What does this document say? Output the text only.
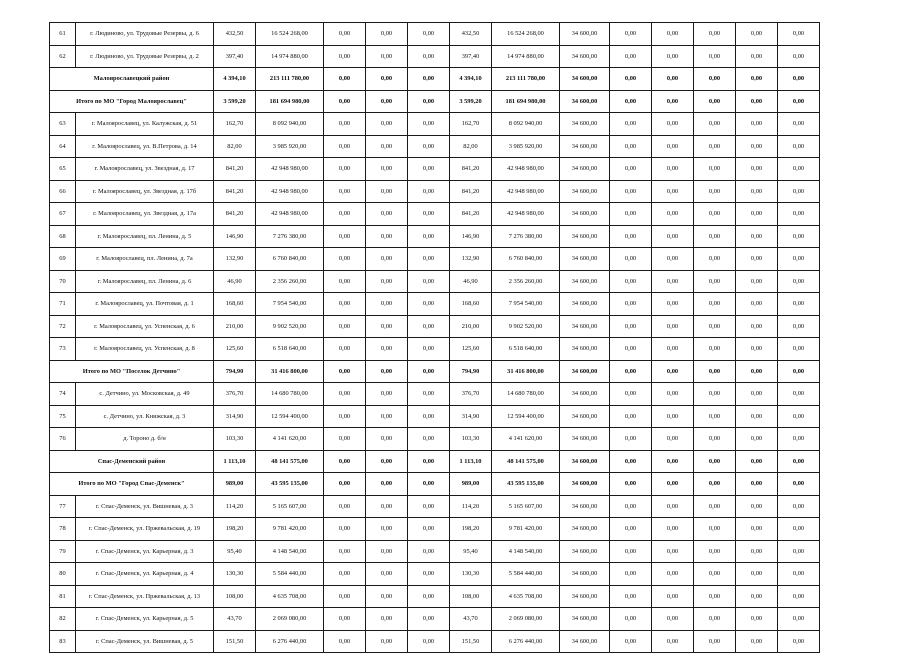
61	г. Людиново, ул. Трудовые Резервы, д. 6	432,50	16 524 268,00	0,00	0,00	0,00	432,50	16 524 268,00	34 600,00	0,00	0,00	0,00	0,00	0,00
62	г. Людиново, ул. Трудовые Резервы, д. 2	397,40	14 974 880,00	0,00	0,00	0,00	397,40	14 974 880,00	34 600,00	0,00	0,00	0,00	0,00	0,00
Малоярославецкий район		4 394,10	213 111 780,00	0,00	0,00	0,00	4 394,10	213 111 780,00	34 600,00	0,00	0,00	0,00	0,00	0,00
Итого по МО "Город Малоярославец"		3 599,20	181 694 980,00	0,00	0,00	0,00	3 599,20	181 694 980,00	34 600,00	0,00	0,00	0,00	0,00	0,00
63	г. Малоярославец, ул. Калужская, д. 51	162,70	8 092 940,00	0,00	0,00	0,00	162,70	8 092 940,00	34 600,00	0,00	0,00	0,00	0,00	0,00
64	г. Малоярославец, ул. В.Петрова, д. 14	82,00	3 985 920,00	0,00	0,00	0,00	82,00	3 985 920,00	34 600,00	0,00	0,00	0,00	0,00	0,00
65	г. Малоярославец, ул. Звездная, д. 17	841,20	42 948 980,00	0,00	0,00	0,00	841,20	42 948 980,00	34 600,00	0,00	0,00	0,00	0,00	0,00
66	г. Малоярославец, ул. Звездная, д. 17б	841,20	42 948 980,00	0,00	0,00	0,00	841,20	42 948 980,00	34 600,00	0,00	0,00	0,00	0,00	0,00
67	г. Малоярославец, ул. Звездная, д. 17а	841,20	42 948 980,00	0,00	0,00	0,00	841,20	42 948 980,00	34 600,00	0,00	0,00	0,00	0,00	0,00
68	г. Малоярославец, пл. Ленина, д. 5	146,90	7 276 380,00	0,00	0,00	0,00	146,90	7 276 380,00	34 600,00	0,00	0,00	0,00	0,00	0,00
69	г. Малоярославец, пл. Ленина, д. 7а	132,90	6 760 840,00	0,00	0,00	0,00	132,90	6 760 840,00	34 600,00	0,00	0,00	0,00	0,00	0,00
70	г. Малоярославец, пл. Ленина, д. 6	46,90	2 356 260,00	0,00	0,00	0,00	46,90	2 356 260,00	34 600,00	0,00	0,00	0,00	0,00	0,00
71	г. Малоярославец, ул. Почтовая, д. 1	168,60	7 954 540,00	0,00	0,00	0,00	168,60	7 954 540,00	34 600,00	0,00	0,00	0,00	0,00	0,00
72	г. Малоярославец, ул. Успенская, д. 6	210,00	9 902 520,00	0,00	0,00	0,00	210,00	9 902 520,00	34 600,00	0,00	0,00	0,00	0,00	0,00
73	г. Малоярославец, ул. Успенская, д. 8	125,60	6 518 640,00	0,00	0,00	0,00	125,60	6 518 640,00	34 600,00	0,00	0,00	0,00	0,00	0,00
Итого по МО "Поселок Детчино"		794,90	31 416 800,00	0,00	0,00	0,00	794,90	31 416 800,00	34 600,00	0,00	0,00	0,00	0,00	0,00
74	с. Детчино, ул. Московская, д. 49	376,70	14 680 780,00	0,00	0,00	0,00	376,70	14 680 780,00	34 600,00	0,00	0,00	0,00	0,00	0,00
75	с. Детчино, ул. Книжская, д. 3	314,90	12 594 400,00	0,00	0,00	0,00	314,90	12 594 400,00	34 600,00	0,00	0,00	0,00	0,00	0,00
76	д. Тороно д. б/н	103,30	4 141 620,00	0,00	0,00	0,00	103,30	4 141 620,00	34 600,00	0,00	0,00	0,00	0,00	0,00
Спас-Деменский район		1 113,10	48 141 575,00	0,00	0,00	0,00	1 113,10	48 141 575,00	34 600,00	0,00	0,00	0,00	0,00	0,00
Итого по МО "Город Спас-Деменск"		989,00	43 595 135,00	0,00	0,00	0,00	989,00	43 595 135,00	34 600,00	0,00	0,00	0,00	0,00	0,00
77	г. Спас-Деменск, ул. Вишневая, д. 3	114,20	5 165 607,00	0,00	0,00	0,00	114,20	5 165 607,00	34 600,00	0,00	0,00	0,00	0,00	0,00
78	г. Спас-Деменск, ул. Пржевальская, д. 19	198,20	9 781 420,00	0,00	0,00	0,00	198,20	9 781 420,00	34 600,00	0,00	0,00	0,00	0,00	0,00
79	г. Спас-Деменск, ул. Карьерная, д. 3	95,40	4 148 540,00	0,00	0,00	0,00	95,40	4 148 540,00	34 600,00	0,00	0,00	0,00	0,00	0,00
80	г. Спас-Деменск, ул. Карьерная, д. 4	130,30	5 584 440,00	0,00	0,00	0,00	130,30	5 584 440,00	34 600,00	0,00	0,00	0,00	0,00	0,00
81	г. Спас-Деменск, ул. Пржевальская, д. 13	108,00	4 635 708,00	0,00	0,00	0,00	108,00	4 635 708,00	34 600,00	0,00	0,00	0,00	0,00	0,00
82	г. Спас-Деменск, ул. Карьерная, д. 5	43,70	2 069 080,00	0,00	0,00	0,00	43,70	2 069 080,00	34 600,00	0,00	0,00	0,00	0,00	0,00
83	г. Спас-Деменск, ул. Вишневая, д. 5	151,50	6 276 440,00	0,00	0,00	0,00	151,50	6 276 440,00	34 600,00	0,00	0,00	0,00	0,00	0,00
